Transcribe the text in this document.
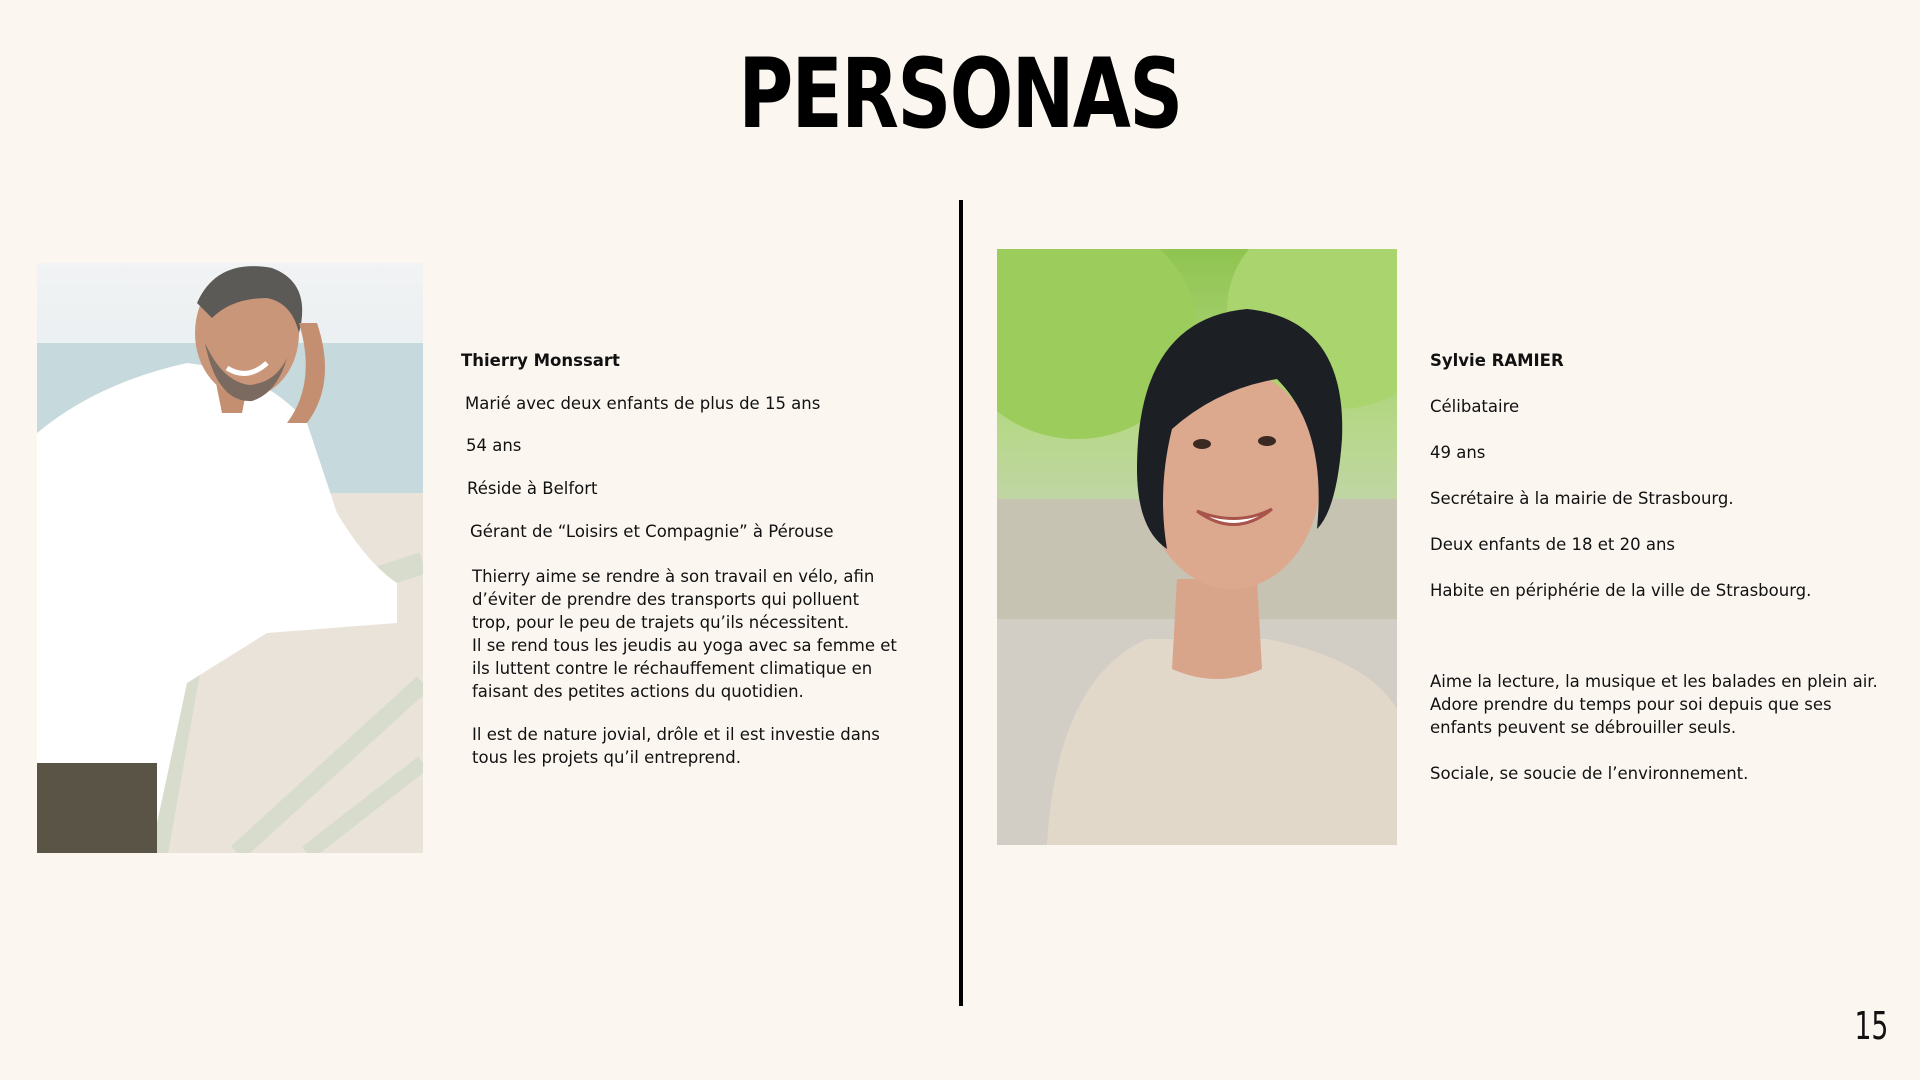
PERSONAS
Thierry Monssart
Marié avec deux enfants de plus de 15 ans
54 ans
Réside à Belfort
Gérant de “Loisirs et Compagnie” à Pérouse
Thierry aime se rendre à son travail en vélo, afin d’éviter de prendre des transports qui polluent trop, pour le peu de trajets qu’ils nécessitent.
Il se rend tous les jeudis au yoga avec sa femme et ils luttent contre le réchauffement climatique en faisant des petites actions du quotidien.
Il est de nature jovial, drôle et il est investie dans tous les projets qu’il entreprend.
Sylvie RAMIER
Célibataire
49 ans
Secrétaire à la mairie de Strasbourg.
Deux enfants de 18 et 20 ans
Habite en périphérie de la ville de Strasbourg.
Aime la lecture, la musique et les balades en plein air.
Adore prendre du temps pour soi depuis que ses enfants peuvent se débrouiller seuls.
Sociale, se soucie de l’environnement.
15
